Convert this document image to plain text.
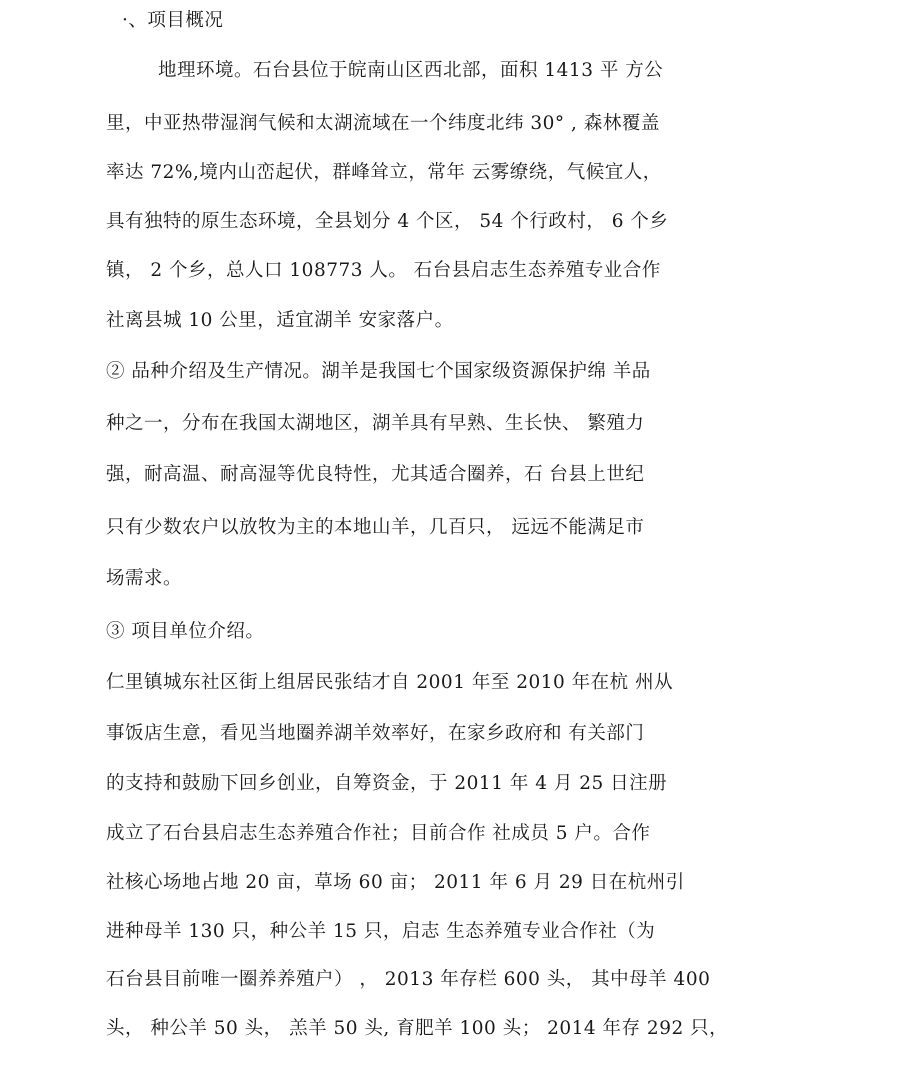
·、项目概况

地理环境。石台县位于皖南山区西北部，面积 1413 平 方公

里，中亚热带湿润气候和太湖流域在一个纬度北纬 30° , 森林覆盖

率达 72%,境内山峦起伏，群峰耸立，常年 云雾缭绕，气候宜人，

具有独特的原生态环境，全县划分 4 个区， 54 个行政村， 6 个乡

镇， 2 个乡，总人口 108773 人。 石台县启志生态养殖专业合作

社离县城 10 公里，适宜湖羊 安家落户。

② 品种介绍及生产情况。湖羊是我国七个国家级资源保护绵 羊品

种之一，分布在我国太湖地区，湖羊具有早熟、生长快、 繁殖力

强，耐高温、耐高湿等优良特性，尤其适合圈养，石 台县上世纪

只有少数农户以放牧为主的本地山羊，几百只， 远远不能满足市

场需求。

③ 项目单位介绍。

仁里镇城东社区街上组居民张结才自 2001 年至 2010 年在杭 州从

事饭店生意，看见当地圈养湖羊效率好，在家乡政府和 有关部门

的支持和鼓励下回乡创业，自筹资金，于 2011 年 4 月 25 日注册

成立了石台县启志生态养殖合作社；目前合作 社成员 5 户。合作

社核心场地占地 20 亩，草场 60 亩； 2011 年 6 月 29 日在杭州引

进种母羊 130 只，种公羊 15 只，启志 生态养殖专业合作社（为

石台县目前唯一圈养养殖户） ， 2013 年存栏 600 头， 其中母羊 400

头， 种公羊 50 头， 羔羊 50 头, 育肥羊 100 头； 2014 年存 292 只，
